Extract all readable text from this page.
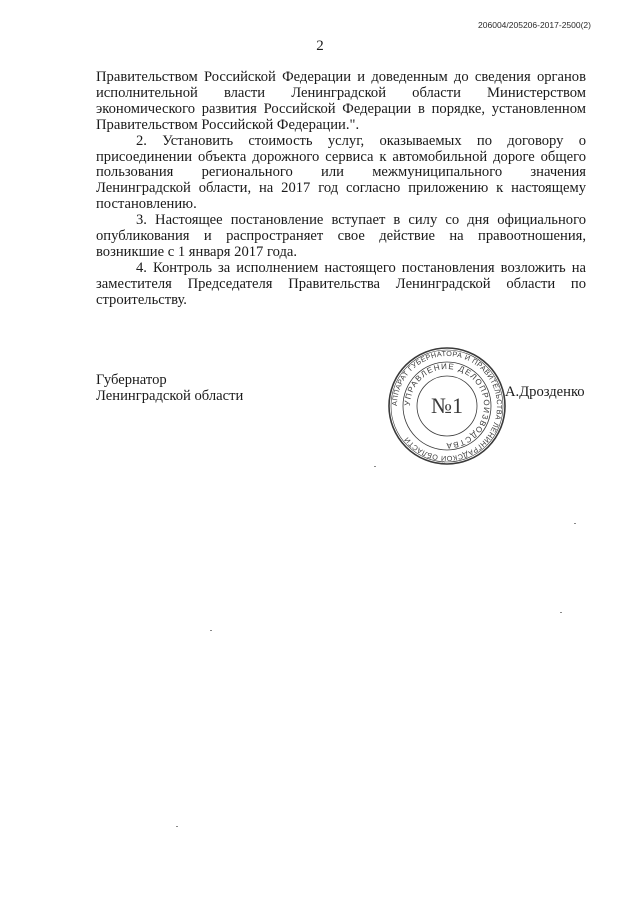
206004/205206-2017-2500(2)
2

Правительством Российской Федерации и доведенным до сведения органов исполнительной власти Ленинградской области Министерством экономического развития Российской Федерации в порядке, установленном Правительством Российской Федерации.".

2. Установить стоимость услуг, оказываемых по договору о присоединении объекта дорожного сервиса к автомобильной дороге общего пользования регионального или межмуниципального значения Ленинградской области, на 2017 год согласно приложению к настоящему постановлению.

3. Настоящее постановление вступает в силу со дня официального опубликования и распространяет свое действие на правоотношения, возникшие с 1 января 2017 года.

4. Контроль за исполнением настоящего постановления возложить на заместителя Председателя Правительства Ленинградской области по строительству.

Губернатор
Ленинградской области	АППАРАТ ГУБЕРНАТОРА И ПРАВИТЕЛЬСТВА ЛЕНИНГРАДСКОЙ ОБЛАСТИ
УПРАВЛЕНИЕ ДЕЛОПРОИЗВОДСТВА
№1
А.Дрозденко
